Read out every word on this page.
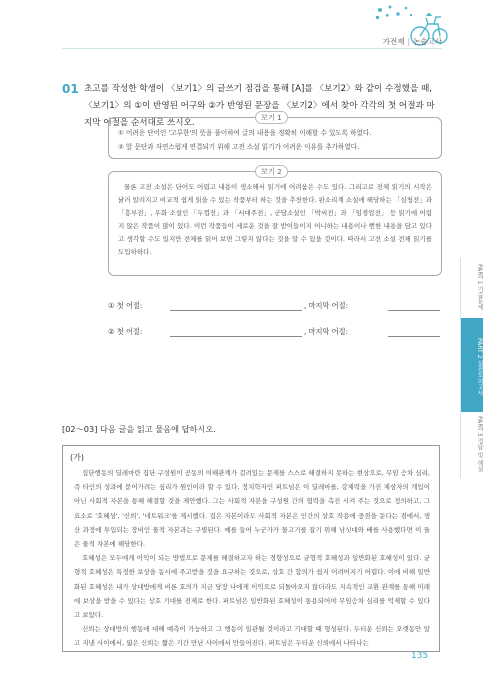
가전제 | 논술고사
01 초고를 작성한 학생이 〈보기1〉의 글쓰기 점검을 통해 [A]를 〈보기2〉와 같이 수정했을 때, 〈보기1〉의 ①이 반영된 어구와 ②가 반영된 문장을 〈보기2〉에서 찾아 각각의 첫 어절과 마지막 어절을 순서대로 쓰시오.
보기 1
① 어려운 단어인 '고루한'의 뜻을 풀이하여 글의 내용을 정확히 이해할 수 있도록 하였다.
② 앞 문단과 자연스럽게 연결되기 위해 고전 소설 읽기가 어려운 이유를 추가하였다.
보기 2
물론 고전 소설은 단어도 어렵고 내용이 생소해서 읽기에 어려움은 수도 있다. 그리고로 전체 읽기의 시작은 낡러 알려지고 비교적 쉽게 읽을 수 있는 작품부터 하는 것을 추천한다. 판소리계 소설에 해당하는 「심청전」과 「흥부전」, 우화 소설인 「두껍전」과 「서대주전」, 군담소설인 「박씨전」과 「임경업전」 등 읽기에 어렵지 않은 작품이 많이 있다. 이런 작품들이 세로운 것을 잘 받이들이지 어니하는 내용이나 뻔한 내용을 담고 있다고 생각할 수도 있지만 전체를 읽어 보면 그렇지 않다는 것을 알 수 있을 것이다. 따라서 고전 소설 전체 읽기를 도입하하다.
① 첫 어절:	, 마지막 어절:
② 첫 어절:	, 마지막 어절:
PART 1 기출문제
PART 2 실전모의고사
PART 3 정답 및 해설
[02～03] 다음 글을 읽고 물음에 답하시오.
(가)

집단행동의 딜레마란 집단 구성원이 공동의 이해관계가 걸려있는 문제를 스스로 해결하지 못하는 현상으로, 무임 승차 심리, 즉 타인의 성과에 묻어가려는 심리가 원인이라 할 수 있다. 정치학자인 퍼트넘은 이 딜레마를, 강제력을 가진 제삼자의 개입이 아닌 사회적 자본을 통해 해결할 것을 제안했다. 그는 사회적 자본을 구성원 간의 협력을 촉진 시켜 주는 것으로 정의하고, 그 요소로 '호혜성', '신뢰', '네트워크'를 제시했다. 집은 자본이라도 사회적 자본은 인간의 상호 작용에 중점을 둔다는 점에서, 생산 과정에 투입되는 장비인 물적 자본과는 구별된다. 예를 들어 누군가가 물고기를 잡기 위해 낚싯대와 배를 사용했다면 이 둘은 물적 자본에 해당한다.

호혜성은 모두에게 이익이 되는 방법으로 문제를 해결하고자 하는 경향성으로 균형적 호혜성과 일반화된 호혜성이 있다. 균형적 호혜성은 특정한 보상을 동시에 주고받을 것을 요구하는 것으로, 상호 간 합의가 쉽지 어려어지기 어렵다. 이에 비해 일반화된 호혜성은 내가 상대방에게 비론 호의가 지금 당장 나에게 이익으로 되돌아오지 않더라도 지속적인 교환 관계를 통해 미래에 보상을 받을 수 있다는 상호 기대를 전제로 한다. 퍼트넘은 일반화된 호혜성이 통용되어야 무임승차 심리를 억제할 수 있다고 보았다.

신뢰는 상대방의 행동에 대해 예측이 가능하고 그 행동이 일관될 것이라고 기대할 때 형성된다. 두터운 신뢰는 오랫동안 알고 지낸 사이에서, 엷은 신뢰는 짧은 기간 만난 사이에서 만들어진다. 퍼트넘은 두터운 신뢰에서 나타나는

135
